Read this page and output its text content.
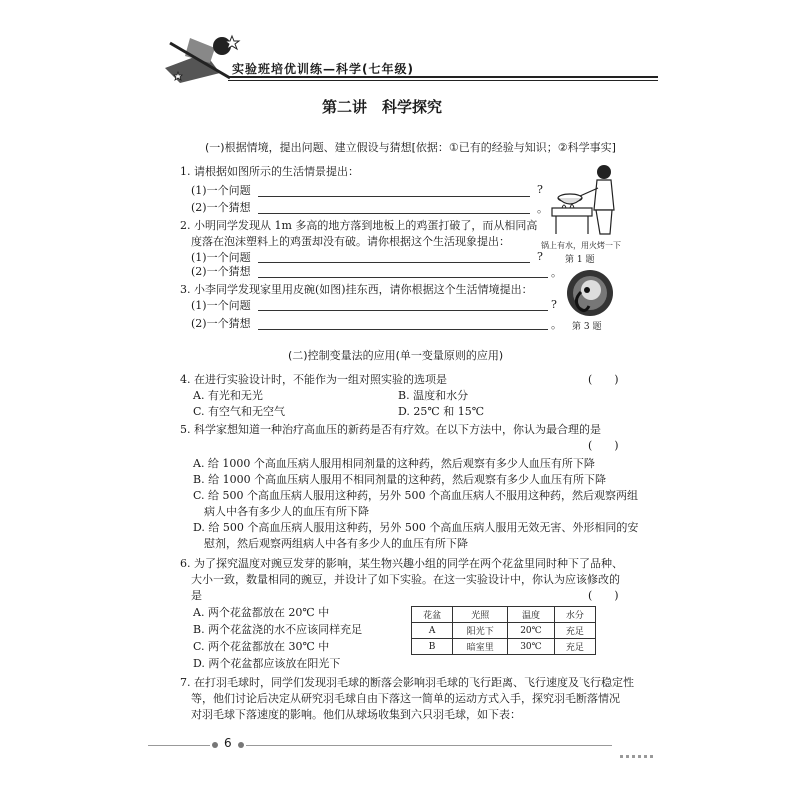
实验班培优训练—科学(七年级)
第二讲　科学探究
(一)根据情境，提出问题、建立假设与猜想[依据：①已有的经验与知识；②科学事实]
1. 请根据如图所示的生活情景提出：
(1)一个问题	?
(2)一个猜想	。
2. 小明同学发现从 1m 多高的地方落到地板上的鸡蛋打破了，而从相同高
　度落在泡沫塑料上的鸡蛋却没有破。请你根据这个生活现象提出：
(1)一个问题	?
(2)一个猜想	。
3. 小李同学发现家里用皮碗(如图)挂东西，请你根据这个生活情境提出：
(1)一个问题	?
(2)一个猜想	。
锅上有水，用火烤一下
第 1 题
第 3 题
(二)控制变量法的应用(单一变量原则的应用)
4. 在进行实验设计时，不能作为一组对照实验的选项是	(　　)
A. 有光和无光	B. 温度和水分
C. 有空气和无空气	D. 25℃ 和 15℃
5. 科学家想知道一种治疗高血压的新药是否有疗效。在以下方法中，你认为最合理的是
(　　)
A. 给 1000 个高血压病人服用相同剂量的这种药，然后观察有多少人血压有所下降
B. 给 1000 个高血压病人服用不相同剂量的这种药，然后观察有多少人血压有所下降
C. 给 500 个高血压病人服用这种药，另外 500 个高血压病人不服用这种药，然后观察两组
　病人中各有多少人的血压有所下降
D. 给 500 个高血压病人服用这种药，另外 500 个高血压病人服用无效无害、外形相同的安
　慰剂，然后观察两组病人中各有多少人的血压有所下降
6. 为了探究温度对豌豆发芽的影响，某生物兴趣小组的同学在两个花盆里同时种下了品种、
　大小一致，数量相同的豌豆，并设计了如下实验。在这一实验设计中，你认为应该修改的
　是	(　　)
A. 两个花盆都放在 20℃ 中
B. 两个花盆浇的水不应该同样充足
C. 两个花盆都放在 30℃ 中
D. 两个花盆都应该放在阳光下
花盆	光照	温度	水分
A	阳光下	20℃	充足
B	暗室里	30℃	充足
7. 在打羽毛球时，同学们发现羽毛球的断落会影响羽毛球的飞行距离、飞行速度及飞行稳定性
　等，他们讨论后决定从研究羽毛球自由下落这一简单的运动方式入手，探究羽毛断落情况
　对羽毛球下落速度的影响。他们从球场收集到六只羽毛球，如下表：
6
